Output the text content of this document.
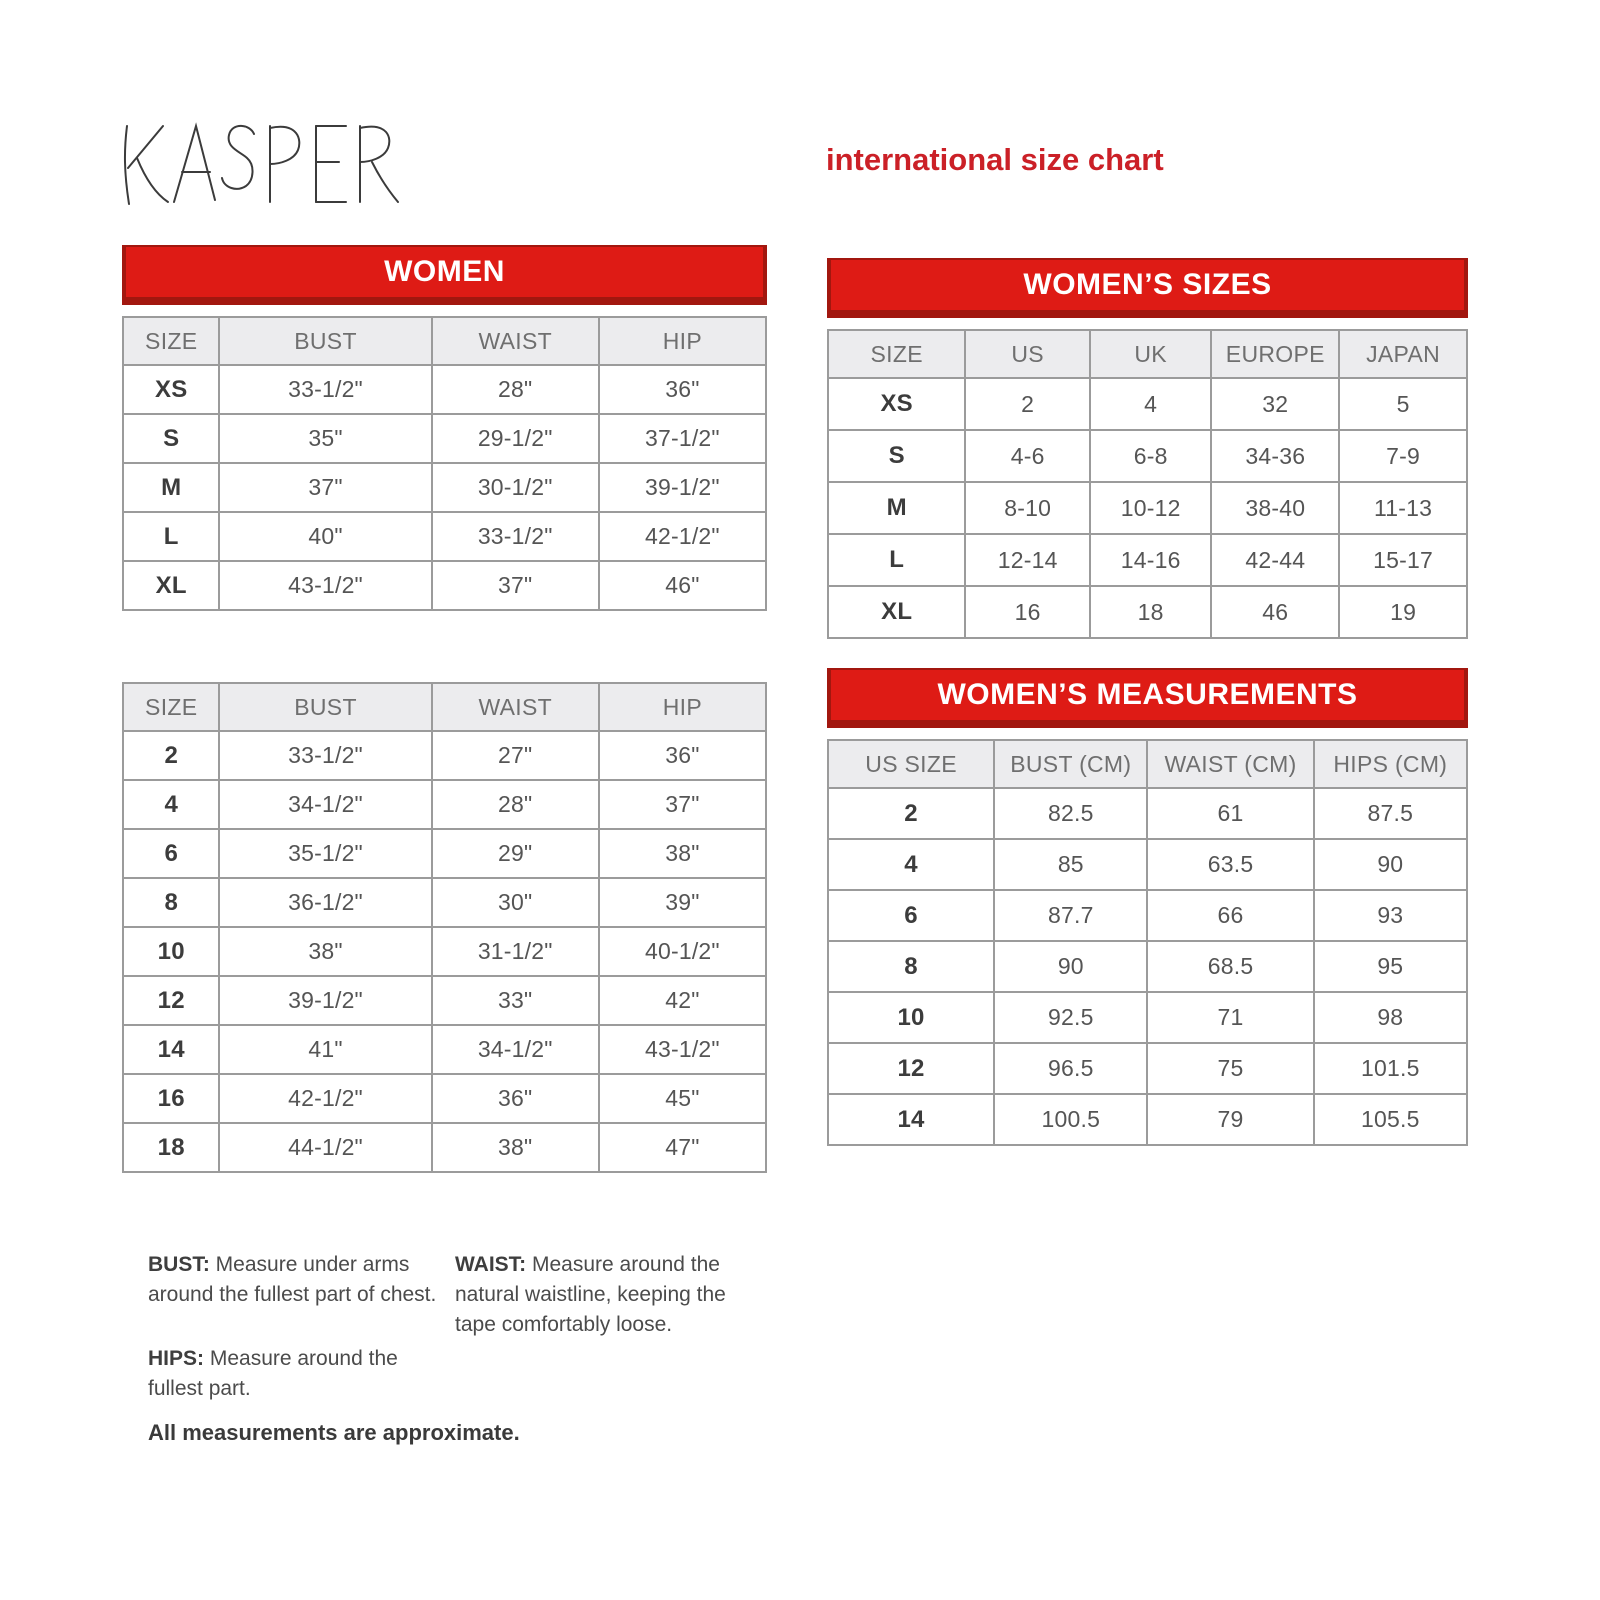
international size chart
WOMEN
SIZE	BUST	WAIST	HIP
XS	33-1/2"	28"	36"
S	35"	29-1/2"	37-1/2"
M	37"	30-1/2"	39-1/2"
L	40"	33-1/2"	42-1/2"
XL	43-1/2"	37"	46"
SIZE	BUST	WAIST	HIP
2	33-1/2"	27"	36"
4	34-1/2"	28"	37"
6	35-1/2"	29"	38"
8	36-1/2"	30"	39"
10	38"	31-1/2"	40-1/2"
12	39-1/2"	33"	42"
14	41"	34-1/2"	43-1/2"
16	42-1/2"	36"	45"
18	44-1/2"	38"	47"
WOMEN’S SIZES
SIZE	US	UK	EUROPE	JAPAN
XS	2	4	32	5
S	4-6	6-8	34-36	7-9
M	8-10	10-12	38-40	11-13
L	12-14	14-16	42-44	15-17
XL	16	18	46	19
WOMEN’S MEASUREMENTS
US SIZE	BUST (CM)	WAIST (CM)	HIPS (CM)
2	82.5	61	87.5
4	85	63.5	90
6	87.7	66	93
8	90	68.5	95
10	92.5	71	98
12	96.5	75	101.5
14	100.5	79	105.5
BUST: Measure under arms around the fullest part of chest.
WAIST: Measure around the natural waistline, keeping the tape comfortably loose.
HIPS: Measure around the fullest part.
All measurements are approximate.
